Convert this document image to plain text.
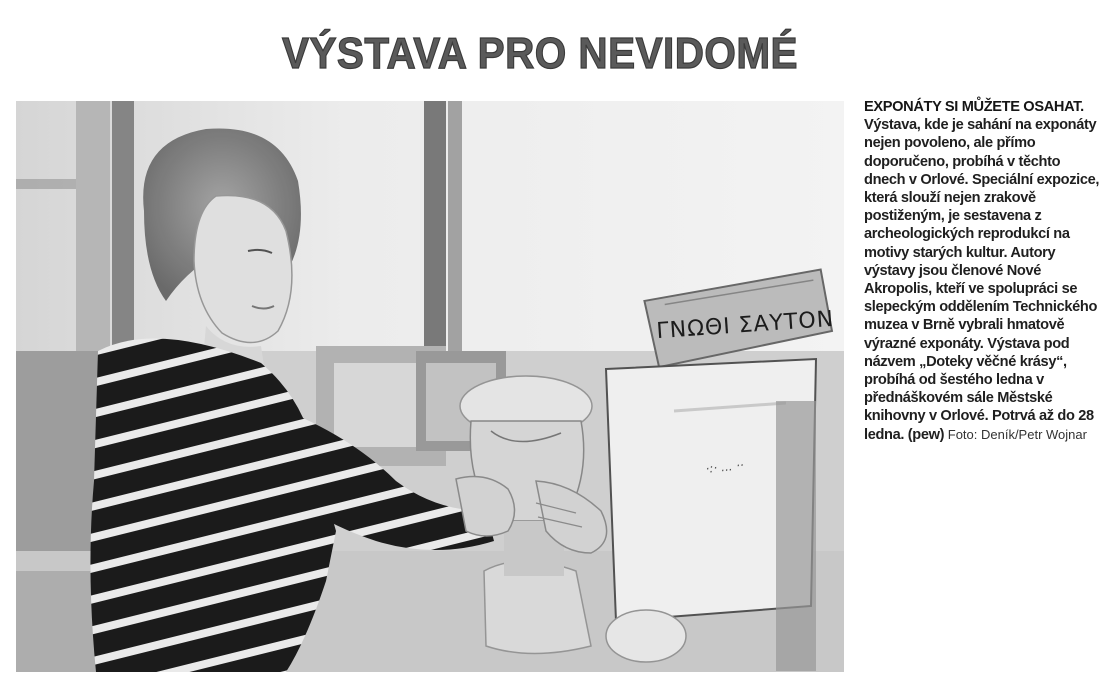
VÝSTAVA PRO NEVIDOMÉ
ΓΝΩΘΙ ΣΑΥΤΟΝ
·:· ... ··
EXPONÁTY SI MŮŽETE OSAHAT. Výstava, kde je sahání na exponáty nejen povoleno, ale přímo doporučeno, probíhá v těchto dnech v Orlové. Speciální expozice, která slouží nejen zrakově postiženým, je sestavena z archeologických reprodukcí na motivy starých kultur. Autory výstavy jsou členové Nové Akropolis, kteří ve spolupráci se slepeckým oddělením Technického muzea v Brně vybrali hmatově výrazné exponáty. Výstava pod názvem „Doteky věčné krásy“, probíhá od šestého ledna v přednáškovém sále Městské knihovny v Orlové. Potrvá až do 28 ledna. (pew) Foto: Deník/Petr Wojnar
